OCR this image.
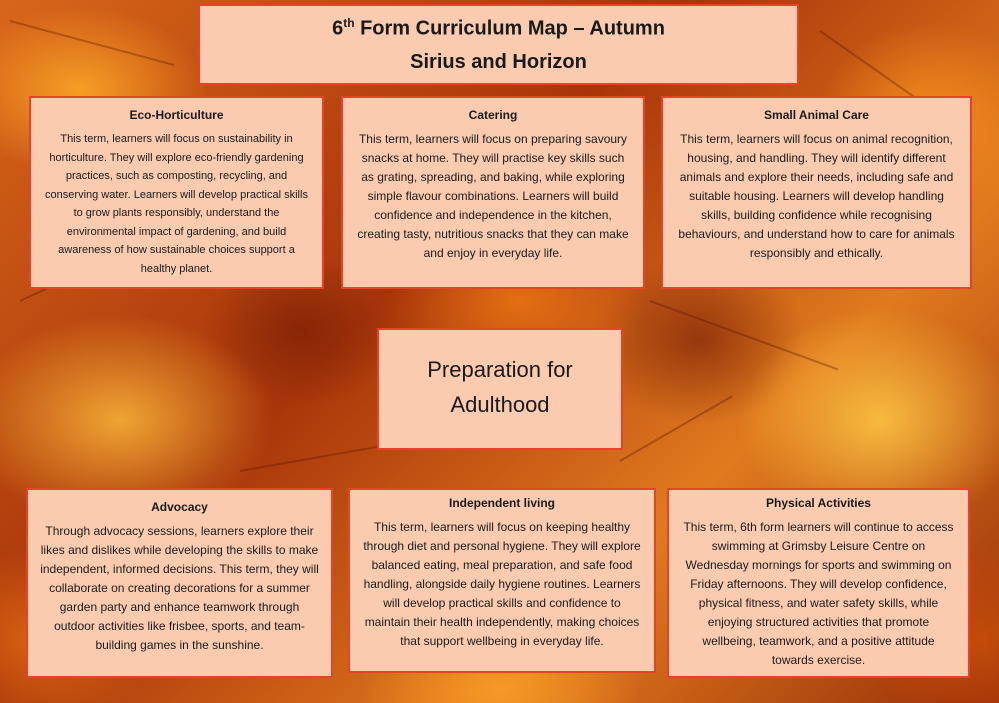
6th Form Curriculum Map – Autumn
Sirius and Horizon
Eco-Horticulture
This term, learners will focus on sustainability in horticulture. They will explore eco-friendly gardening practices, such as composting, recycling, and conserving water. Learners will develop practical skills to grow plants responsibly, understand the environmental impact of gardening, and build awareness of how sustainable choices support a healthy planet.
Catering
This term, learners will focus on preparing savoury snacks at home. They will practise key skills such as grating, spreading, and baking, while exploring simple flavour combinations. Learners will build confidence and independence in the kitchen, creating tasty, nutritious snacks that they can make and enjoy in everyday life.
Small Animal Care
This term, learners will focus on animal recognition, housing, and handling. They will identify different animals and explore their needs, including safe and suitable housing. Learners will develop handling skills, building confidence while recognising behaviours, and understand how to care for animals responsibly and ethically.
Preparation for Adulthood
Advocacy
Through advocacy sessions, learners explore their likes and dislikes while developing the skills to make independent, informed decisions. This term, they will collaborate on creating decorations for a summer garden party and enhance teamwork through outdoor activities like frisbee, sports, and team-building games in the sunshine.
Independent living
This term, learners will focus on keeping healthy through diet and personal hygiene. They will explore balanced eating, meal preparation, and safe food handling, alongside daily hygiene routines. Learners will develop practical skills and confidence to maintain their health independently, making choices that support wellbeing in everyday life.
Physical Activities
This term, 6th form learners will continue to access swimming at Grimsby Leisure Centre on Wednesday mornings for sports and swimming on Friday afternoons. They will develop confidence, physical fitness, and water safety skills, while enjoying structured activities that promote wellbeing, teamwork, and a positive attitude towards exercise.
